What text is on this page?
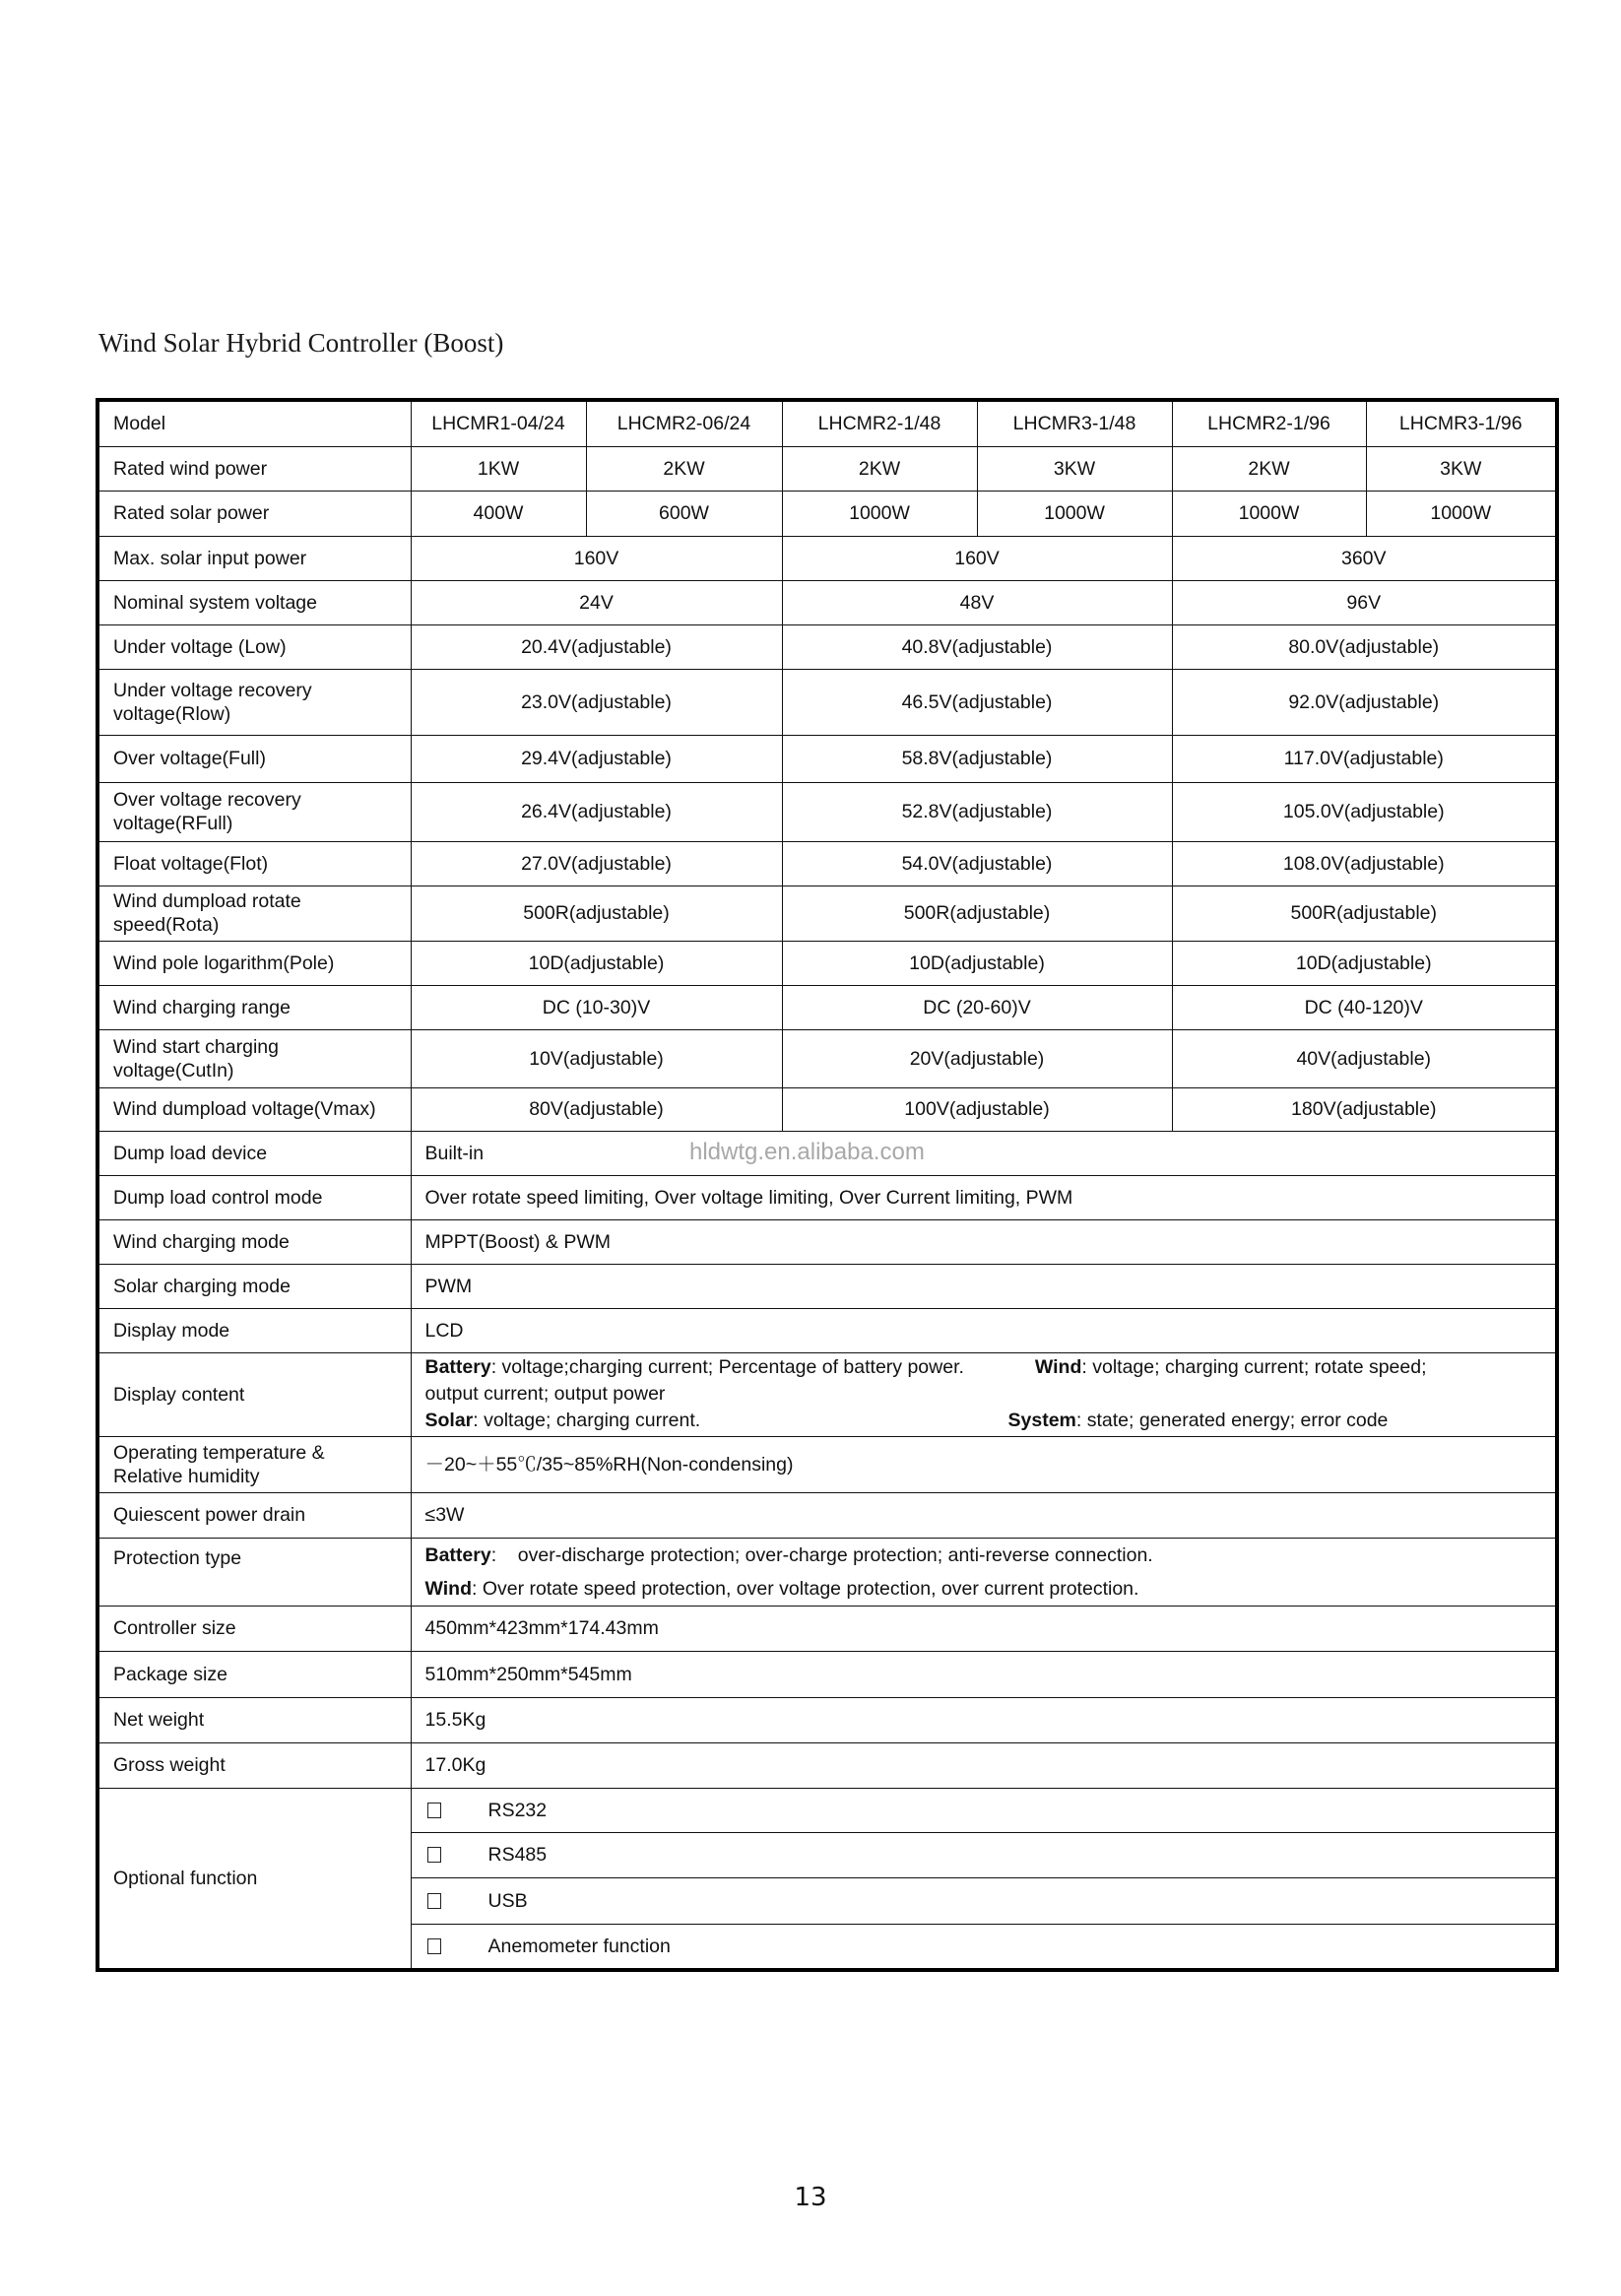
Wind Solar Hybrid Controller (Boost)
Model	LHCMR1-04/24	LHCMR2-06/24	LHCMR2-1/48	LHCMR3-1/48	LHCMR2-1/96	LHCMR3-1/96
Rated wind power	1KW	2KW	2KW	3KW	2KW	3KW
Rated solar power	400W	600W	1000W	1000W	1000W	1000W
Max. solar input power	160V		160V		360V	
Nominal system voltage	24V		48V		96V	
Under voltage (Low)	20.4V(adjustable)		40.8V(adjustable)		80.0V(adjustable)	
Under voltage recovery voltage(Rlow)	23.0V(adjustable)		46.5V(adjustable)		92.0V(adjustable)	
Over voltage(Full)	29.4V(adjustable)		58.8V(adjustable)		117.0V(adjustable)	
Over voltage recovery voltage(RFull)	26.4V(adjustable)		52.8V(adjustable)		105.0V(adjustable)	
Float voltage(Flot)	27.0V(adjustable)		54.0V(adjustable)		108.0V(adjustable)	
Wind dumpload rotate speed(Rota)	500R(adjustable)		500R(adjustable)		500R(adjustable)	
Wind pole logarithm(Pole)	10D(adjustable)		10D(adjustable)		10D(adjustable)	
Wind charging range	DC (10-30)V		DC (20-60)V		DC (40-120)V	
Wind start charging voltage(CutIn)	10V(adjustable)		20V(adjustable)		40V(adjustable)	
Wind dumpload voltage(Vmax)	80V(adjustable)		100V(adjustable)		180V(adjustable)	
Dump load device	Built-in					
Dump load control mode	Over rotate speed limiting, Over voltage limiting, Over Current limiting, PWM					
Wind charging mode	MPPT(Boost) & PWM					
Solar charging mode	PWM					
Display mode	LCD					
Display content	Battery: voltage;charging current; Percentage of battery power. Wind: voltage; charging current; rotate speed;
output current; output power
Solar: voltage; charging current. System: state; generated energy; error code					

Operating temperature & Relative humidity	－20~＋55℃/35~85%RH(Non-condensing)					
Quiescent power drain	≤3W					
Protection type	Battery:    over-discharge protection; over-charge protection; anti-reverse connection.
Wind: Over rotate speed protection, over voltage protection, over current protection.					

Controller size	450mm*423mm*174.43mm					
Package size	510mm*250mm*545mm					
Net weight	15.5Kg					
Gross weight	17.0Kg					
Optional function	RS232					
	RS485					
	USB					
	Anemometer function					
hldwtg.en.alibaba.com
13
